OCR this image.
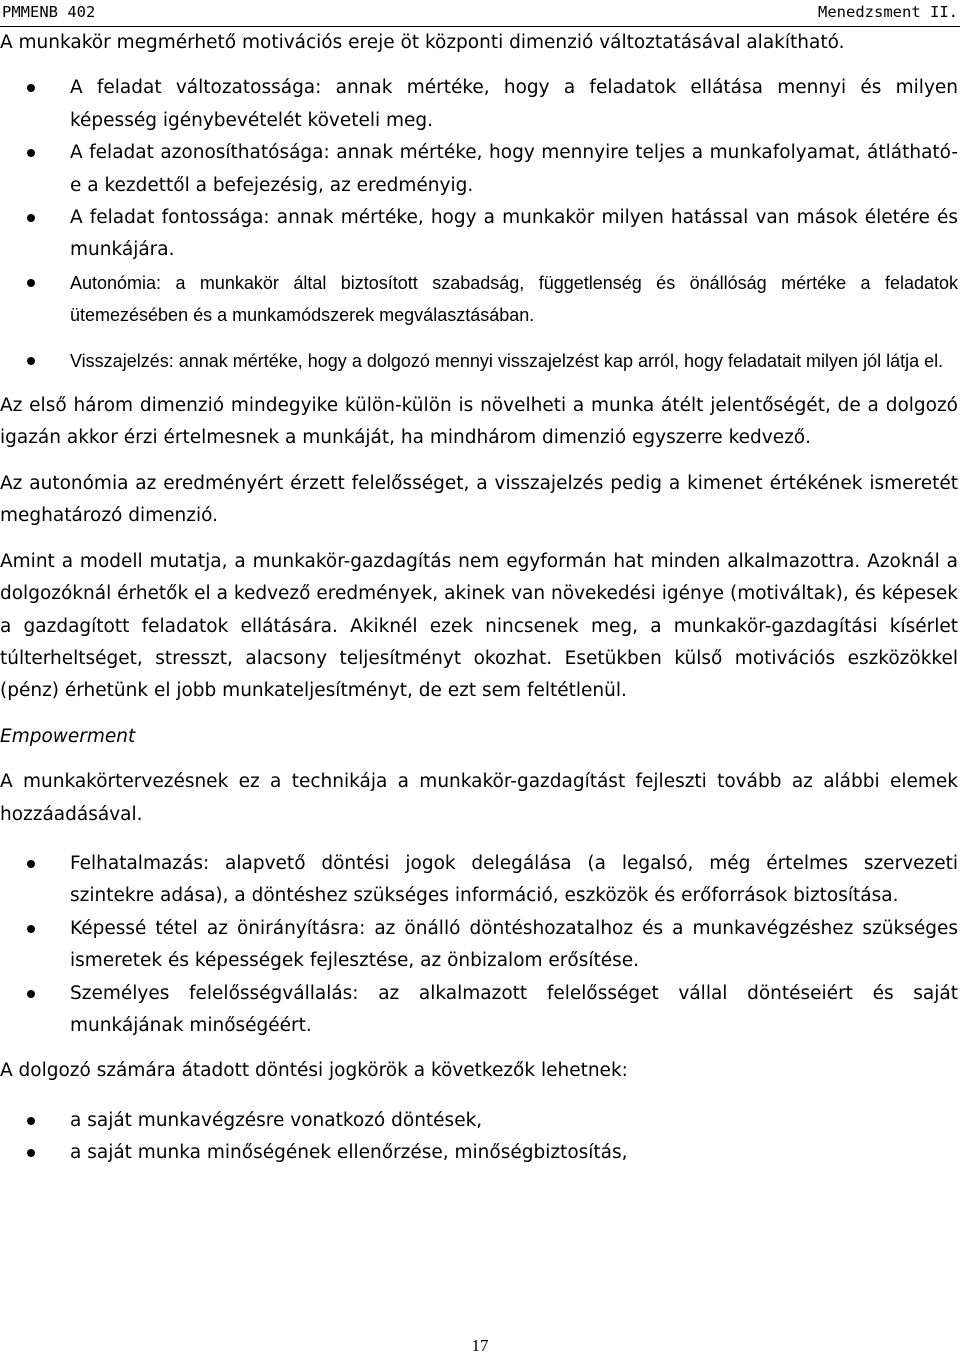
PMMENB 402	Menedzsment II.

A munkakör megmérhető motivációs ereje öt központi dimenzió változtatásával alakítható.

A feladat változatossága: annak mértéke, hogy a feladatok ellátása mennyi és milyen képesség igénybevételét követeli meg.
A feladat azonosíthatósága: annak mértéke, hogy mennyire teljes a munkafolyamat, átlátható-e a kezdettől a befejezésig, az eredményig.
A feladat fontossága: annak mértéke, hogy a munkakör milyen hatással van mások életére és munkájára.
Autonómia: a munkakör által biztosított szabadság, függetlenség és önállóság mértéke a feladatok ütemezésében és a munkamódszerek megválasztásában.
Visszajelzés: annak mértéke, hogy a dolgozó mennyi visszajelzést kap arról, hogy feladatait milyen jól látja el.

Az első három dimenzió mindegyike külön-külön is növelheti a munka átélt jelentőségét, de a dolgozó igazán akkor érzi értelmesnek a munkáját, ha mindhárom dimenzió egyszerre kedvező.

Az autonómia az eredményért érzett felelősséget, a visszajelzés pedig a kimenet értékének ismeretét meghatározó dimenzió.

Amint a modell mutatja, a munkakör-gazdagítás nem egyformán hat minden alkalmazottra. Azoknál a dolgozóknál érhetők el a kedvező eredmények, akinek van növekedési igénye (motiváltak), és képesek a gazdagított feladatok ellátására. Akiknél ezek nincsenek meg, a munkakör-gazdagítási kísérlet túlterheltséget, stresszt, alacsony teljesítményt okozhat. Esetükben külső motivációs eszközökkel (pénz) érhetünk el jobb munkateljesítményt, de ezt sem feltétlenül.

Empowerment

A munkakörtervezésnek ez a technikája a munkakör-gazdagítást fejleszti tovább az alábbi elemek hozzáadásával.

Felhatalmazás: alapvető döntési jogok delegálása (a legalsó, még értelmes szervezeti szintekre adása), a döntéshez szükséges információ, eszközök és erőforrások biztosítása.
Képessé tétel az önirányításra: az önálló döntéshozatalhoz és a munkavégzéshez szükséges ismeretek és képességek fejlesztése, az önbizalom erősítése.
Személyes felelősségvállalás: az alkalmazott felelősséget vállal döntéseiért és saját munkájának minőségéért.

A dolgozó számára átadott döntési jogkörök a következők lehetnek:

a saját munkavégzésre vonatkozó döntések,
a saját munka minőségének ellenőrzése, minőségbiztosítás,
17
